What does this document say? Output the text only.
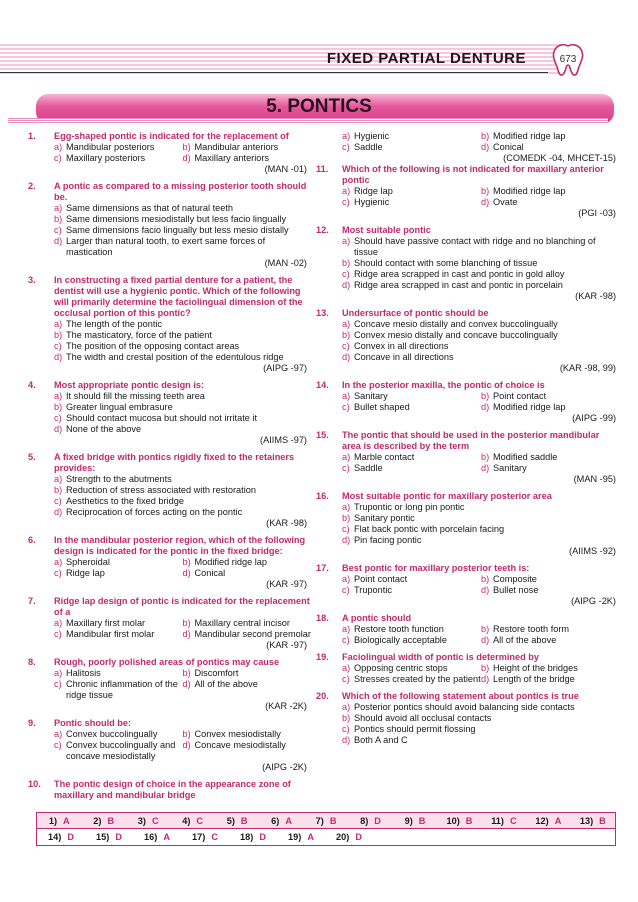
FIXED PARTIAL DENTURE	673
5. PONTICS
1.	Egg-shaped pontic is indicated for the replacement of
a) Mandibular posteriors	b) Mandibular anteriors
c) Maxillary posteriors	d) Maxillary anteriors
(MAN -01)
2.	A pontic as compared to a missing posterior tooth should be.
a) Same dimensions as that of natural teeth
b) Same dimensions mesiodistally but less facio lingually
c) Same dimensions facio lingually but less mesio distally
d) Larger than natural tooth, to exert same forces of mastication
(MAN -02)
3.	In constructing a fixed partial denture for a patient, the dentist will use a hygienic pontic. Which of the following will primarily determine the faciolingual dimension of the occlusal portion of this pontic?
a) The length of the pontic
b) The masticatory, force of the patient
c) The position of the opposing contact areas
d) The width and crestal position of the edentulous ridge
(AIPG -97)
4.	Most appropriate pontic design is:
a) It should fill the missing teeth area
b) Greater lingual embrasure
c) Should contact mucosa but should not irritate it
d) None of the above
(AIIMS -97)
5.	A fixed bridge with pontics rigidly fixed to the retainers provides:
a) Strength to the abutments
b) Reduction of stress associated with restoration
c) Aesthetics to the fixed bridge
d) Reciprocation of forces acting on the pontic
(KAR -98)
6.	In the mandibular posterior region, which of the following design is indicated for the pontic in the fixed bridge:
a) Spheroidal	b) Modified ridge lap
c) Ridge lap	d) Conical
(KAR -97)
7.	Ridge lap design of pontic is indicated for the replacement of a
a) Maxillary first molar	b) Maxillary central incisor
c) Mandibular first molar	d) Mandibular second premolar
(KAR -97)
8.	Rough, poorly polished areas of pontics may cause
a) Halitosis	b) Discomfort
c) Chronic inflammation of the ridge tissue
d) All of the above
(KAR -2K)
9.	Pontic should be:
a) Convex buccolingually	b) Convex mesiodistally
c) Convex buccolingually and concave mesiodistally
d) Concave mesiodistally
(AIPG -2K)
10.	The pontic design of choice in the appearance zone of maxillary and mandibular bridge
a) Hygienic	b) Modified ridge lap
c) Saddle	d) Conical
(COMEDK -04, MHCET-15)
11.	Which of the following is not indicated for maxillary anterior pontic
a) Ridge lap	b) Modified ridge lap
c) Hygienic	d) Ovate
(PGI -03)
12.	Most suitable pontic
a) Should have passive contact with ridge and no blanching of tissue
b) Should contact with some blanching of tissue
c) Ridge area scrapped in cast and pontic in gold alloy
d) Ridge area scrapped in cast and pontic in porcelain
(KAR -98)
13.	Undersurface of pontic should be
a) Concave mesio distally and convex buccolingually
b) Convex mesio distally and concave buccolingually
c) Convex in all directions
d) Concave in all directions
(KAR -98, 99)
14.	In the posterior maxilla, the pontic of choice is
a) Sanitary	b) Point contact
c) Bullet shaped	d) Modified ridge lap
(AIPG -99)
15.	The pontic that should be used in the posterior mandibular area is described by the term
a) Marble contact	b) Modified saddle
c) Saddle	d) Sanitary
(MAN -95)
16.	Most suitable pontic for maxillary posterior area
a) Trupontic or long pin pontic
b) Sanitary pontic
c) Flat back pontic with porcelain facing
d) Pin facing pontic
(AIIMS -92)
17.	Best pontic for maxillary posterior teeth is:
a) Point contact	b) Composite
c) Trupontic	d) Bullet nose
(AIPG -2K)
18.	A pontic should
a) Restore tooth function	b) Restore tooth form
c) Biologically acceptable	d) All of the above
19.	Faciolingual width of pontic is determined by
a) Opposing centric stops	b) Height of the bridges
c) Stresses created by the patient d) Length of the bridge
20.	Which of the following statement about pontics is true
a) Posterior pontics should avoid balancing side contacts
b) Should avoid all occlusal contacts
c) Pontics should permit flossing
d) Both A and C
1) A	2) B	3) C	4) C	5) B	6) A	7) B	8) D	9) B	10) B	11) C	12) A	13) B
14) D	15) D	16) A	17) C	18) D	19) A	20) D
